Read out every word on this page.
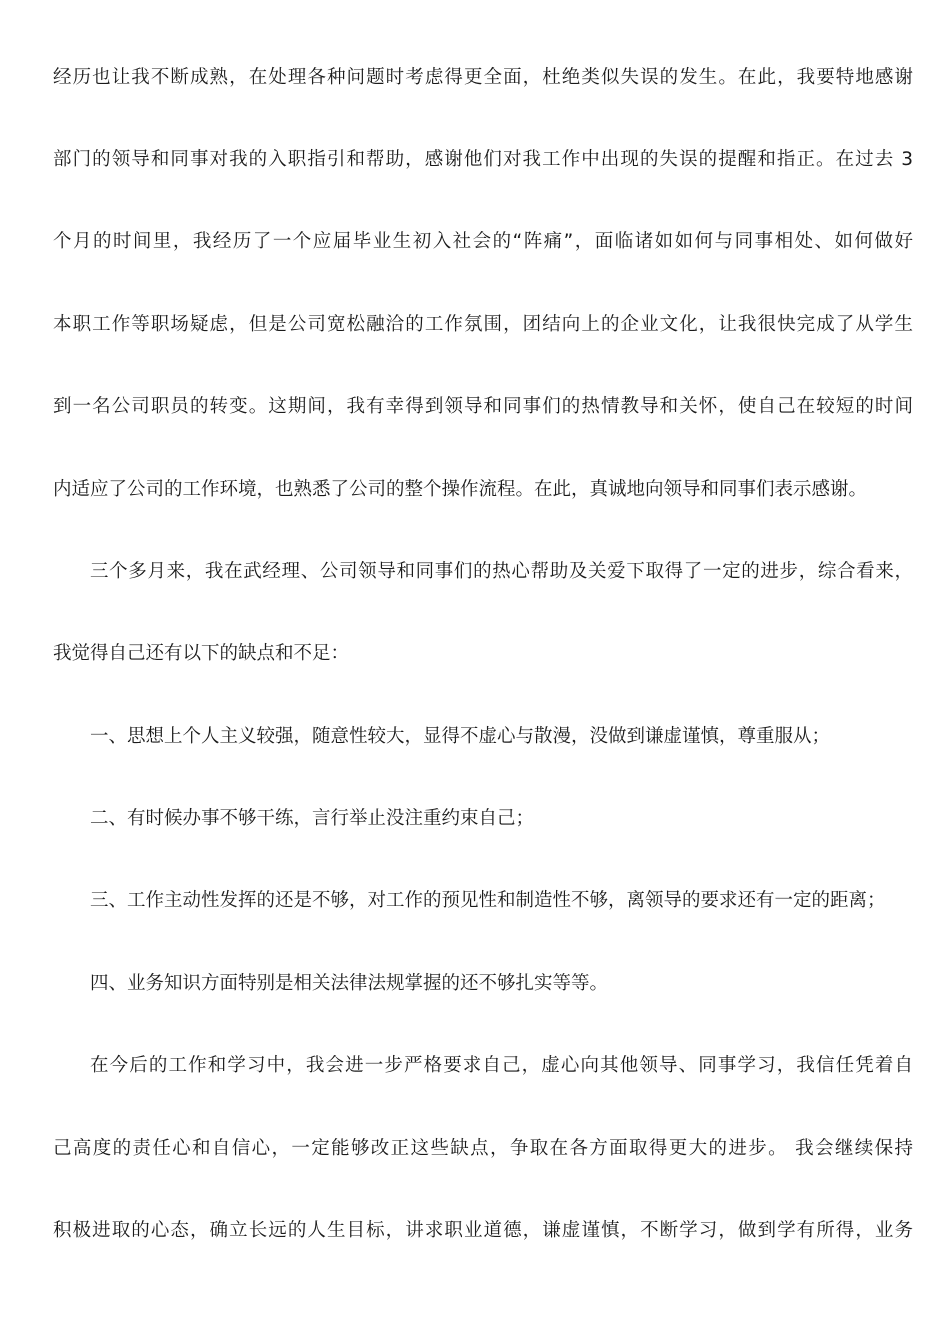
经历也让我不断成熟，在处理各种问题时考虑得更全面，杜绝类似失误的发生。在此，我要特地感谢
部门的领导和同事对我的入职指引和帮助，感谢他们对我工作中出现的失误的提醒和指正。在过去 3
个月的时间里，我经历了一个应届毕业生初入社会的“阵痛”，面临诸如如何与同事相处、如何做好
本职工作等职场疑虑，但是公司宽松融洽的工作氛围，团结向上的企业文化，让我很快完成了从学生
到一名公司职员的转变。这期间，我有幸得到领导和同事们的热情教导和关怀，使自己在较短的时间
内适应了公司的工作环境，也熟悉了公司的整个操作流程。在此，真诚地向领导和同事们表示感谢。
三个多月来，我在武经理、公司领导和同事们的热心帮助及关爱下取得了一定的进步，综合看来，
我觉得自己还有以下的缺点和不足：
一、思想上个人主义较强，随意性较大，显得不虚心与散漫，没做到谦虚谨慎，尊重服从；
二、有时候办事不够干练，言行举止没注重约束自己；
三、工作主动性发挥的还是不够，对工作的预见性和制造性不够，离领导的要求还有一定的距离；
四、业务知识方面特别是相关法律法规掌握的还不够扎实等等。
在今后的工作和学习中，我会进一步严格要求自己，虚心向其他领导、同事学习，我信任凭着自
己高度的责任心和自信心，一定能够改正这些缺点，争取在各方面取得更大的进步。 我会继续保持
积极进取的心态，确立长远的人生目标，讲求职业道德，谦虚谨慎，不断学习，做到学有所得，业务
